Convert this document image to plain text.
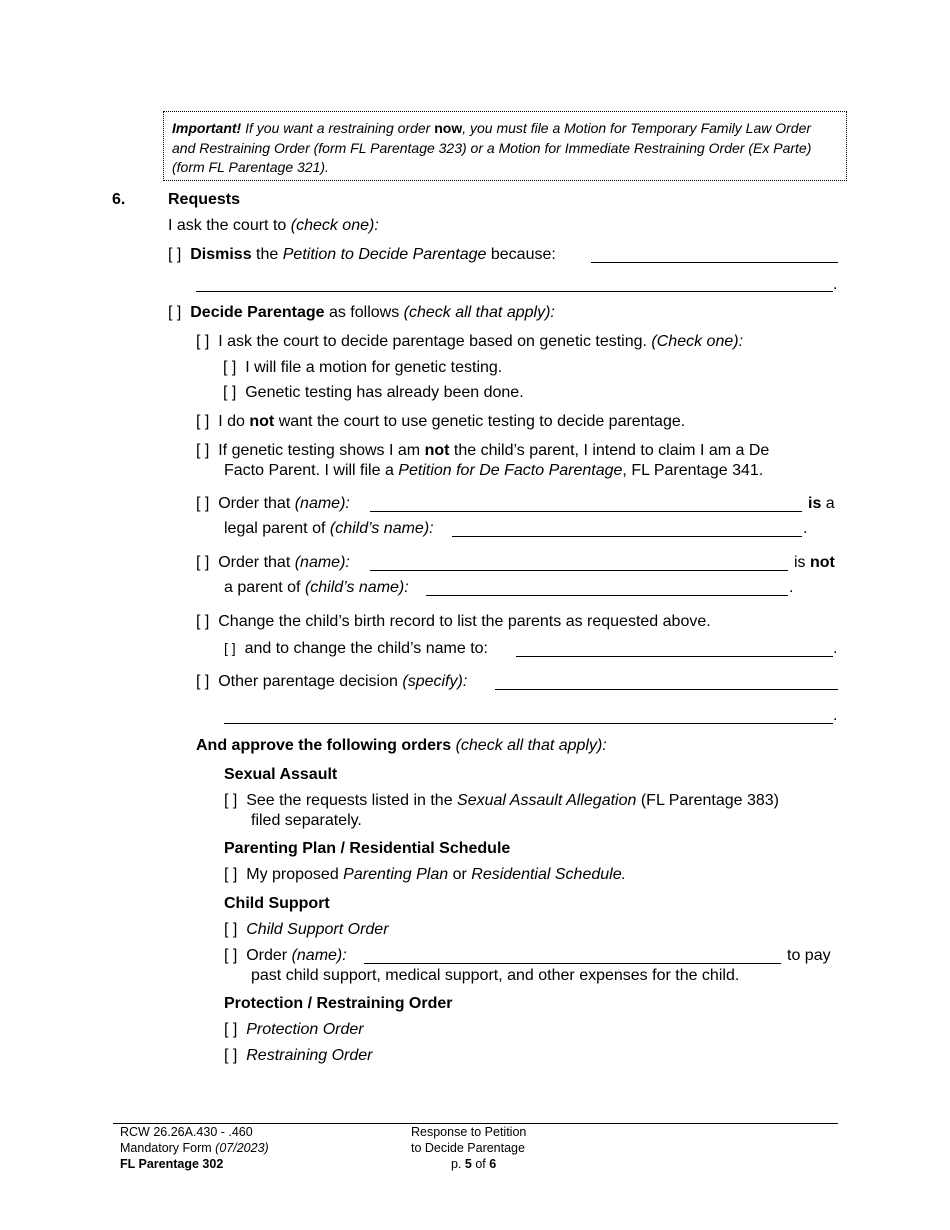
Important! If you want a restraining order now, you must file a Motion for Temporary Family Law Order and Restraining Order (form FL Parentage 323) or a Motion for Immediate Restraining Order (Ex Parte) (form FL Parentage 321).
6.	Requests
I ask the court to (check one):
[ ] Dismiss the Petition to Decide Parentage because:
.
[ ] Decide Parentage as follows (check all that apply):
[ ] I ask the court to decide parentage based on genetic testing. (Check one):
[ ] I will file a motion for genetic testing.
[ ] Genetic testing has already been done.
[ ] I do not want the court to use genetic testing to decide parentage.
[ ] If genetic testing shows I am not the child’s parent, I intend to claim I am a De
Facto Parent. I will file a Petition for De Facto Parentage, FL Parentage 341.
[ ] Order that (name):	is a
legal parent of (child’s name):	.
[ ] Order that (name):	is not
a parent of (child’s name):	.
[ ] Change the child’s birth record to list the parents as requested above.
[ ] and to change the child’s name to:	.
[ ] Other parentage decision (specify):
.
And approve the following orders (check all that apply):
Sexual Assault
[ ] See the requests listed in the Sexual Assault Allegation (FL Parentage 383)
filed separately.
Parenting Plan / Residential Schedule
[ ] My proposed Parenting Plan or Residential Schedule.
Child Support
[ ] Child Support Order
[ ] Order (name):	to pay
past child support, medical support, and other expenses for the child.
Protection / Restraining Order
[ ] Protection Order
[ ] Restraining Order
RCW 26.26A.430 - .460
Mandatory Form (07/2023)
FL Parentage 302
Response to Petition
to Decide Parentage
p. 5 of 6
